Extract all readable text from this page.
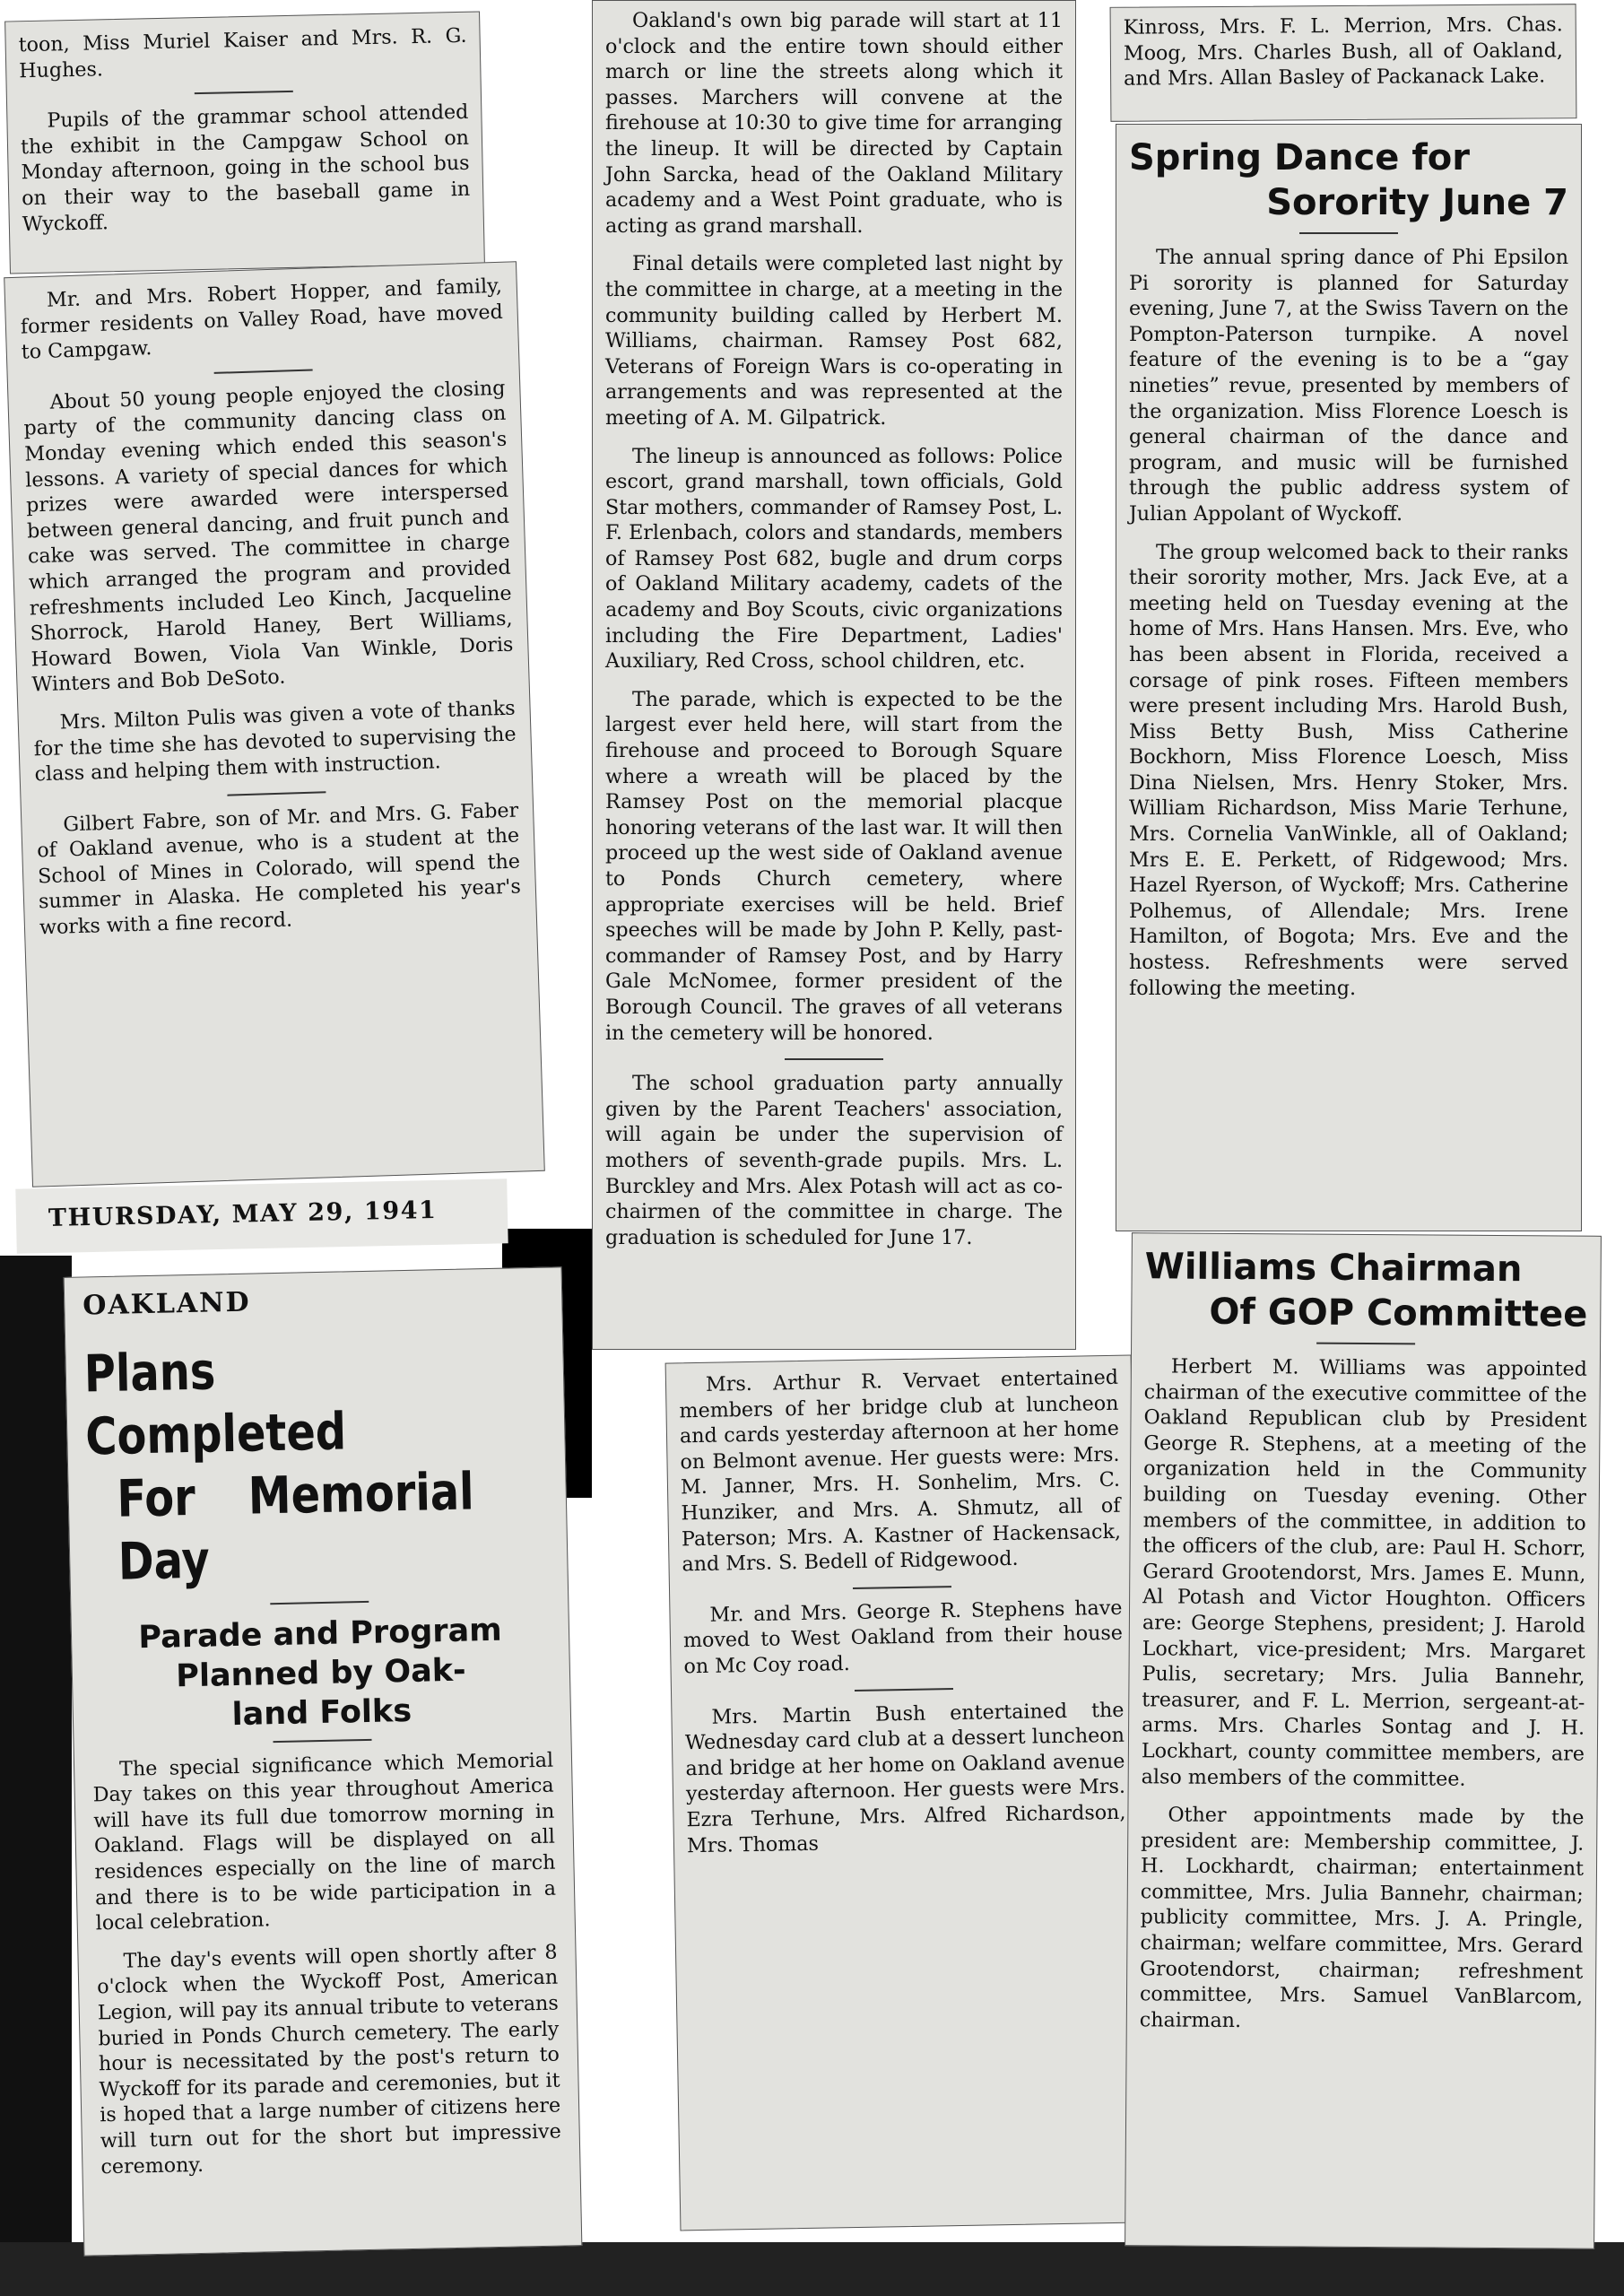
toon, Miss Muriel Kaiser and Mrs. R. G. Hughes.

Pupils of the grammar school attended the exhibit in the Campgaw School on Monday afternoon, going in the school bus on their way to the baseball game in Wyckoff.

Mr. and Mrs. Robert Hopper, and family, former residents on Valley Road, have moved to Campgaw.

About 50 young people enjoyed the closing party of the community dancing class on Monday evening which ended this season's lessons. A variety of special dances for which prizes were awarded were interspersed between general dancing, and fruit punch and cake was served. The committee in charge which arranged the program and provided refreshments included Leo Kinch, Jacqueline Shorrock, Harold Haney, Bert Williams, Howard Bowen, Viola Van Winkle, Doris Winters and Bob DeSoto.

Mrs. Milton Pulis was given a vote of thanks for the time she has devoted to supervising the class and helping them with instruction.

Gilbert Fabre, son of Mr. and Mrs. G. Faber of Oakland avenue, who is a student at the School of Mines in Colorado, will spend the summer in Alaska. He completed his year's works with a fine record.

THURSDAY, MAY 29, 1941
OAKLAND
Plans Completed
For Memorial Day
Parade and Program
Planned by Oak-
land Folks

The special significance which Memorial Day takes on this year throughout America will have its full due tomorrow morning in Oakland. Flags will be displayed on all residences especially on the line of march and there is to be wide participation in a local celebration.

The day's events will open shortly after 8 o'clock when the Wyckoff Post, American Legion, will pay its annual tribute to veterans buried in Ponds Church cemetery. The early hour is necessitated by the post's return to Wyckoff for its parade and ceremonies, but it is hoped that a large number of citizens here will turn out for the short but impressive ceremony.

Oakland's own big parade will start at 11 o'clock and the entire town should either march or line the streets along which it passes. Marchers will convene at the firehouse at 10:30 to give time for arranging the lineup. It will be directed by Captain John Sarcka, head of the Oakland Military academy and a West Point graduate, who is acting as grand marshall.

Final details were completed last night by the committee in charge, at a meeting in the community building called by Herbert M. Williams, chairman. Ramsey Post 682, Veterans of Foreign Wars is co-operating in arrangements and was represented at the meeting of A. M. Gilpatrick.

The lineup is announced as follows: Police escort, grand marshall, town officials, Gold Star mothers, commander of Ramsey Post, L. F. Erlenbach, colors and standards, members of Ramsey Post 682, bugle and drum corps of Oakland Military academy, cadets of the academy and Boy Scouts, civic organizations including the Fire Department, Ladies' Auxiliary, Red Cross, school children, etc.

The parade, which is expected to be the largest ever held here, will start from the firehouse and proceed to Borough Square where a wreath will be placed by the Ramsey Post on the memorial placque honoring veterans of the last war. It will then proceed up the west side of Oakland avenue to Ponds Church cemetery, where appropriate exercises will be held. Brief speeches will be made by John P. Kelly, past-commander of Ramsey Post, and by Harry Gale McNomee, former president of the Borough Council. The graves of all veterans in the cemetery will be honored.

The school graduation party annually given by the Parent Teachers' association, will again be under the supervision of mothers of seventh-grade pupils. Mrs. L. Burckley and Mrs. Alex Potash will act as co-chairmen of the committee in charge. The graduation is scheduled for June 17.

Mrs. Arthur R. Vervaet entertained members of her bridge club at luncheon and cards yesterday afternoon at her home on Belmont avenue. Her guests were: Mrs. M. Janner, Mrs. H. Sonhelim, Mrs. C. Hunziker, and Mrs. A. Shmutz, all of Paterson; Mrs. A. Kastner of Hackensack, and Mrs. S. Bedell of Ridgewood.

Mr. and Mrs. George R. Stephens have moved to West Oakland from their house on Mc Coy road.

Mrs. Martin Bush entertained the Wednesday card club at a dessert luncheon and bridge at her home on Oakland avenue yesterday afternoon. Her guests were Mrs. Ezra Terhune, Mrs. Alfred Richardson, Mrs. Thomas

Kinross, Mrs. F. L. Merrion, Mrs. Chas. Moog, Mrs. Charles Bush, all of Oakland, and Mrs. Allan Basley of Packanack Lake.

Spring Dance for
Sorority June 7

The annual spring dance of Phi Epsilon Pi sorority is planned for Saturday evening, June 7, at the Swiss Tavern on the Pompton-Paterson turnpike. A novel feature of the evening is to be a “gay nineties” revue, presented by members of the organization. Miss Florence Loesch is general chairman of the dance and program, and music will be furnished through the public address system of Julian Appolant of Wyckoff.

The group welcomed back to their ranks their sorority mother, Mrs. Jack Eve, at a meeting held on Tuesday evening at the home of Mrs. Hans Hansen. Mrs. Eve, who has been absent in Florida, received a corsage of pink roses. Fifteen members were present including Mrs. Harold Bush, Miss Betty Bush, Miss Catherine Bockhorn, Miss Florence Loesch, Miss Dina Nielsen, Mrs. Henry Stoker, Mrs. William Richardson, Miss Marie Terhune, Mrs. Cornelia VanWinkle, all of Oakland; Mrs E. E. Perkett, of Ridgewood; Mrs. Hazel Ryerson, of Wyckoff; Mrs. Catherine Polhemus, of Allendale; Mrs. Irene Hamilton, of Bogota; Mrs. Eve and the hostess. Refreshments were served following the meeting.

Williams Chairman
Of GOP Committee

Herbert M. Williams was appointed chairman of the executive committee of the Oakland Republican club by President George R. Stephens, at a meeting of the organization held in the Community building on Tuesday evening. Other members of the committee, in addition to the officers of the club, are: Paul H. Schorr, Gerard Grootendorst, Mrs. James E. Munn, Al Potash and Victor Houghton. Officers are: George Stephens, president; J. Harold Lockhart, vice-president; Mrs. Margaret Pulis, secretary; Mrs. Julia Bannehr, treasurer, and F. L. Merrion, sergeant-at-arms. Mrs. Charles Sontag and J. H. Lockhart, county committee members, are also members of the committee.

Other appointments made by the president are: Membership committee, J. H. Lockhardt, chairman; entertainment committee, Mrs. Julia Bannehr, chairman; publicity committee, Mrs. J. A. Pringle, chairman; welfare committee, Mrs. Gerard Grootendorst, chairman; refreshment committee, Mrs. Samuel VanBlarcom, chairman.
